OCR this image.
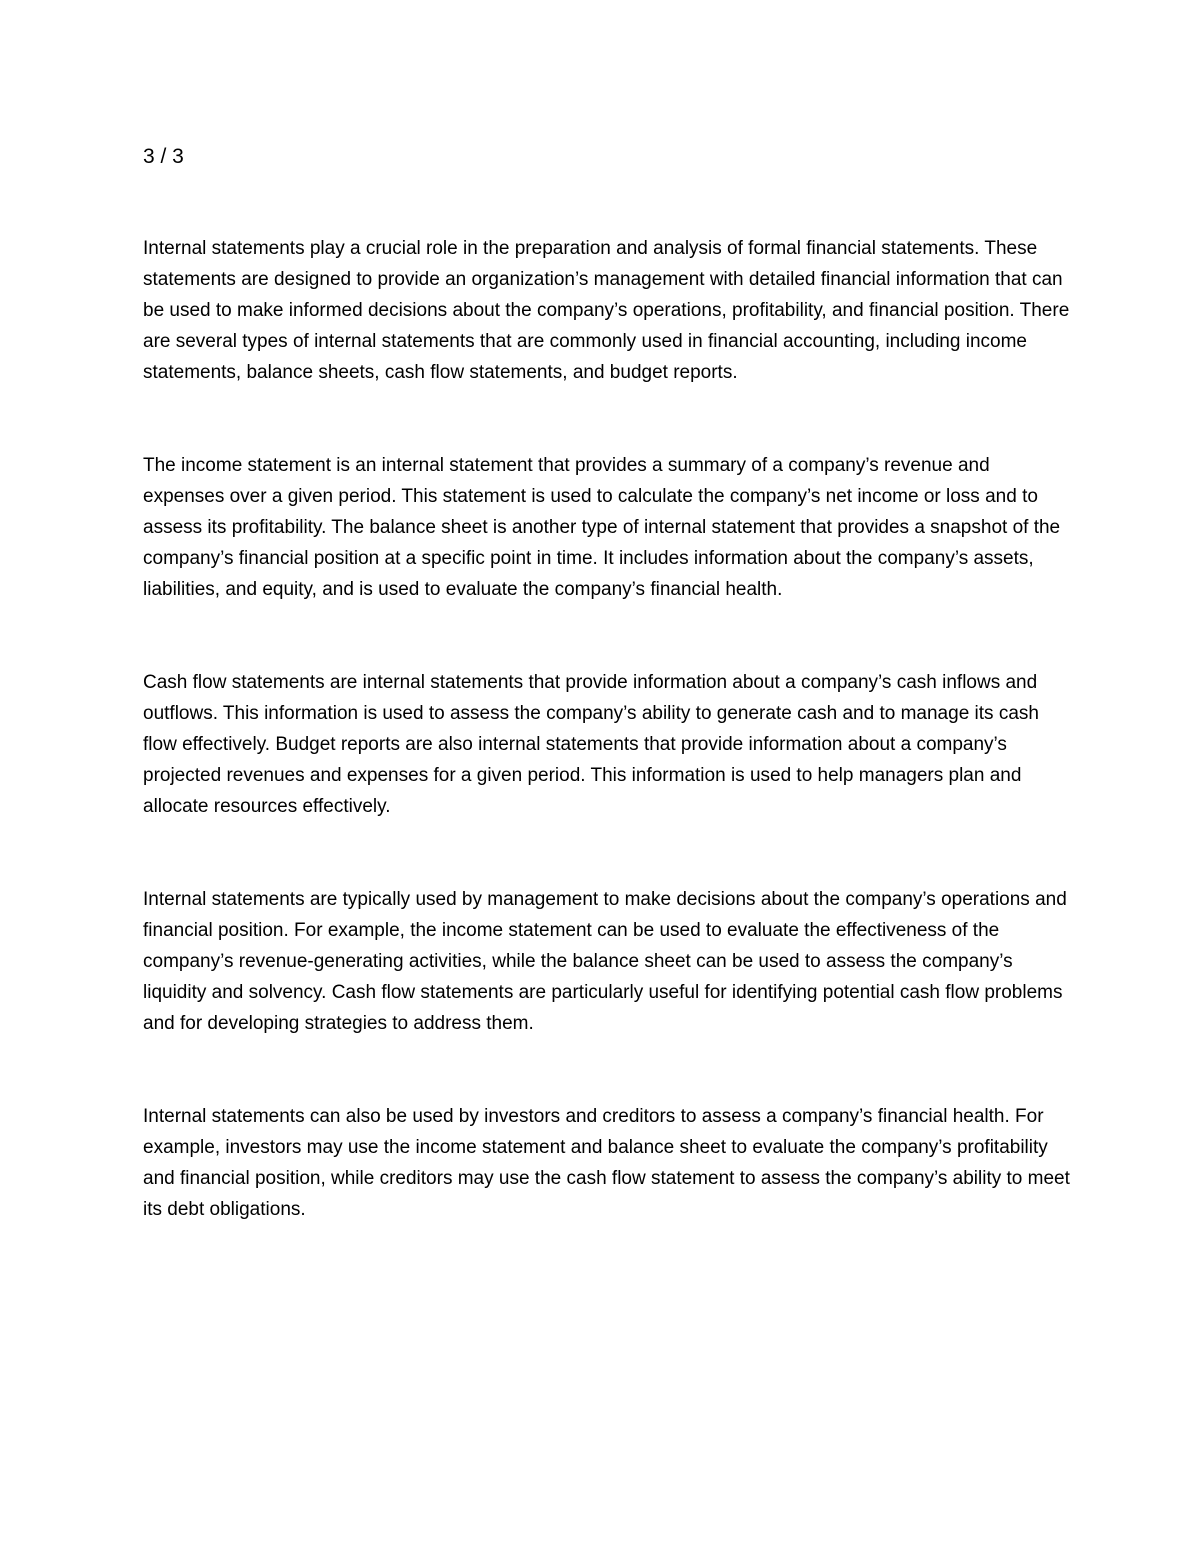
3 / 3

Internal statements play a crucial role in the preparation and analysis of formal financial statements. These statements are designed to provide an organization’s management with detailed financial information that can be used to make informed decisions about the company’s operations, profitability, and financial position. There are several types of internal statements that are commonly used in financial accounting, including income statements, balance sheets, cash flow statements, and budget reports.

The income statement is an internal statement that provides a summary of a company’s revenue and expenses over a given period. This statement is used to calculate the company’s net income or loss and to assess its profitability. The balance sheet is another type of internal statement that provides a snapshot of the company’s financial position at a specific point in time. It includes information about the company’s assets, liabilities, and equity, and is used to evaluate the company’s financial health.

Cash flow statements are internal statements that provide information about a company’s cash inflows and outflows. This information is used to assess the company’s ability to generate cash and to manage its cash flow effectively. Budget reports are also internal statements that provide information about a company’s projected revenues and expenses for a given period. This information is used to help managers plan and allocate resources effectively.

Internal statements are typically used by management to make decisions about the company’s operations and financial position. For example, the income statement can be used to evaluate the effectiveness of the company’s revenue-generating activities, while the balance sheet can be used to assess the company’s liquidity and solvency. Cash flow statements are particularly useful for identifying potential cash flow problems and for developing strategies to address them.

Internal statements can also be used by investors and creditors to assess a company’s financial health. For example, investors may use the income statement and balance sheet to evaluate the company’s profitability and financial position, while creditors may use the cash flow statement to assess the company’s ability to meet its debt obligations.
